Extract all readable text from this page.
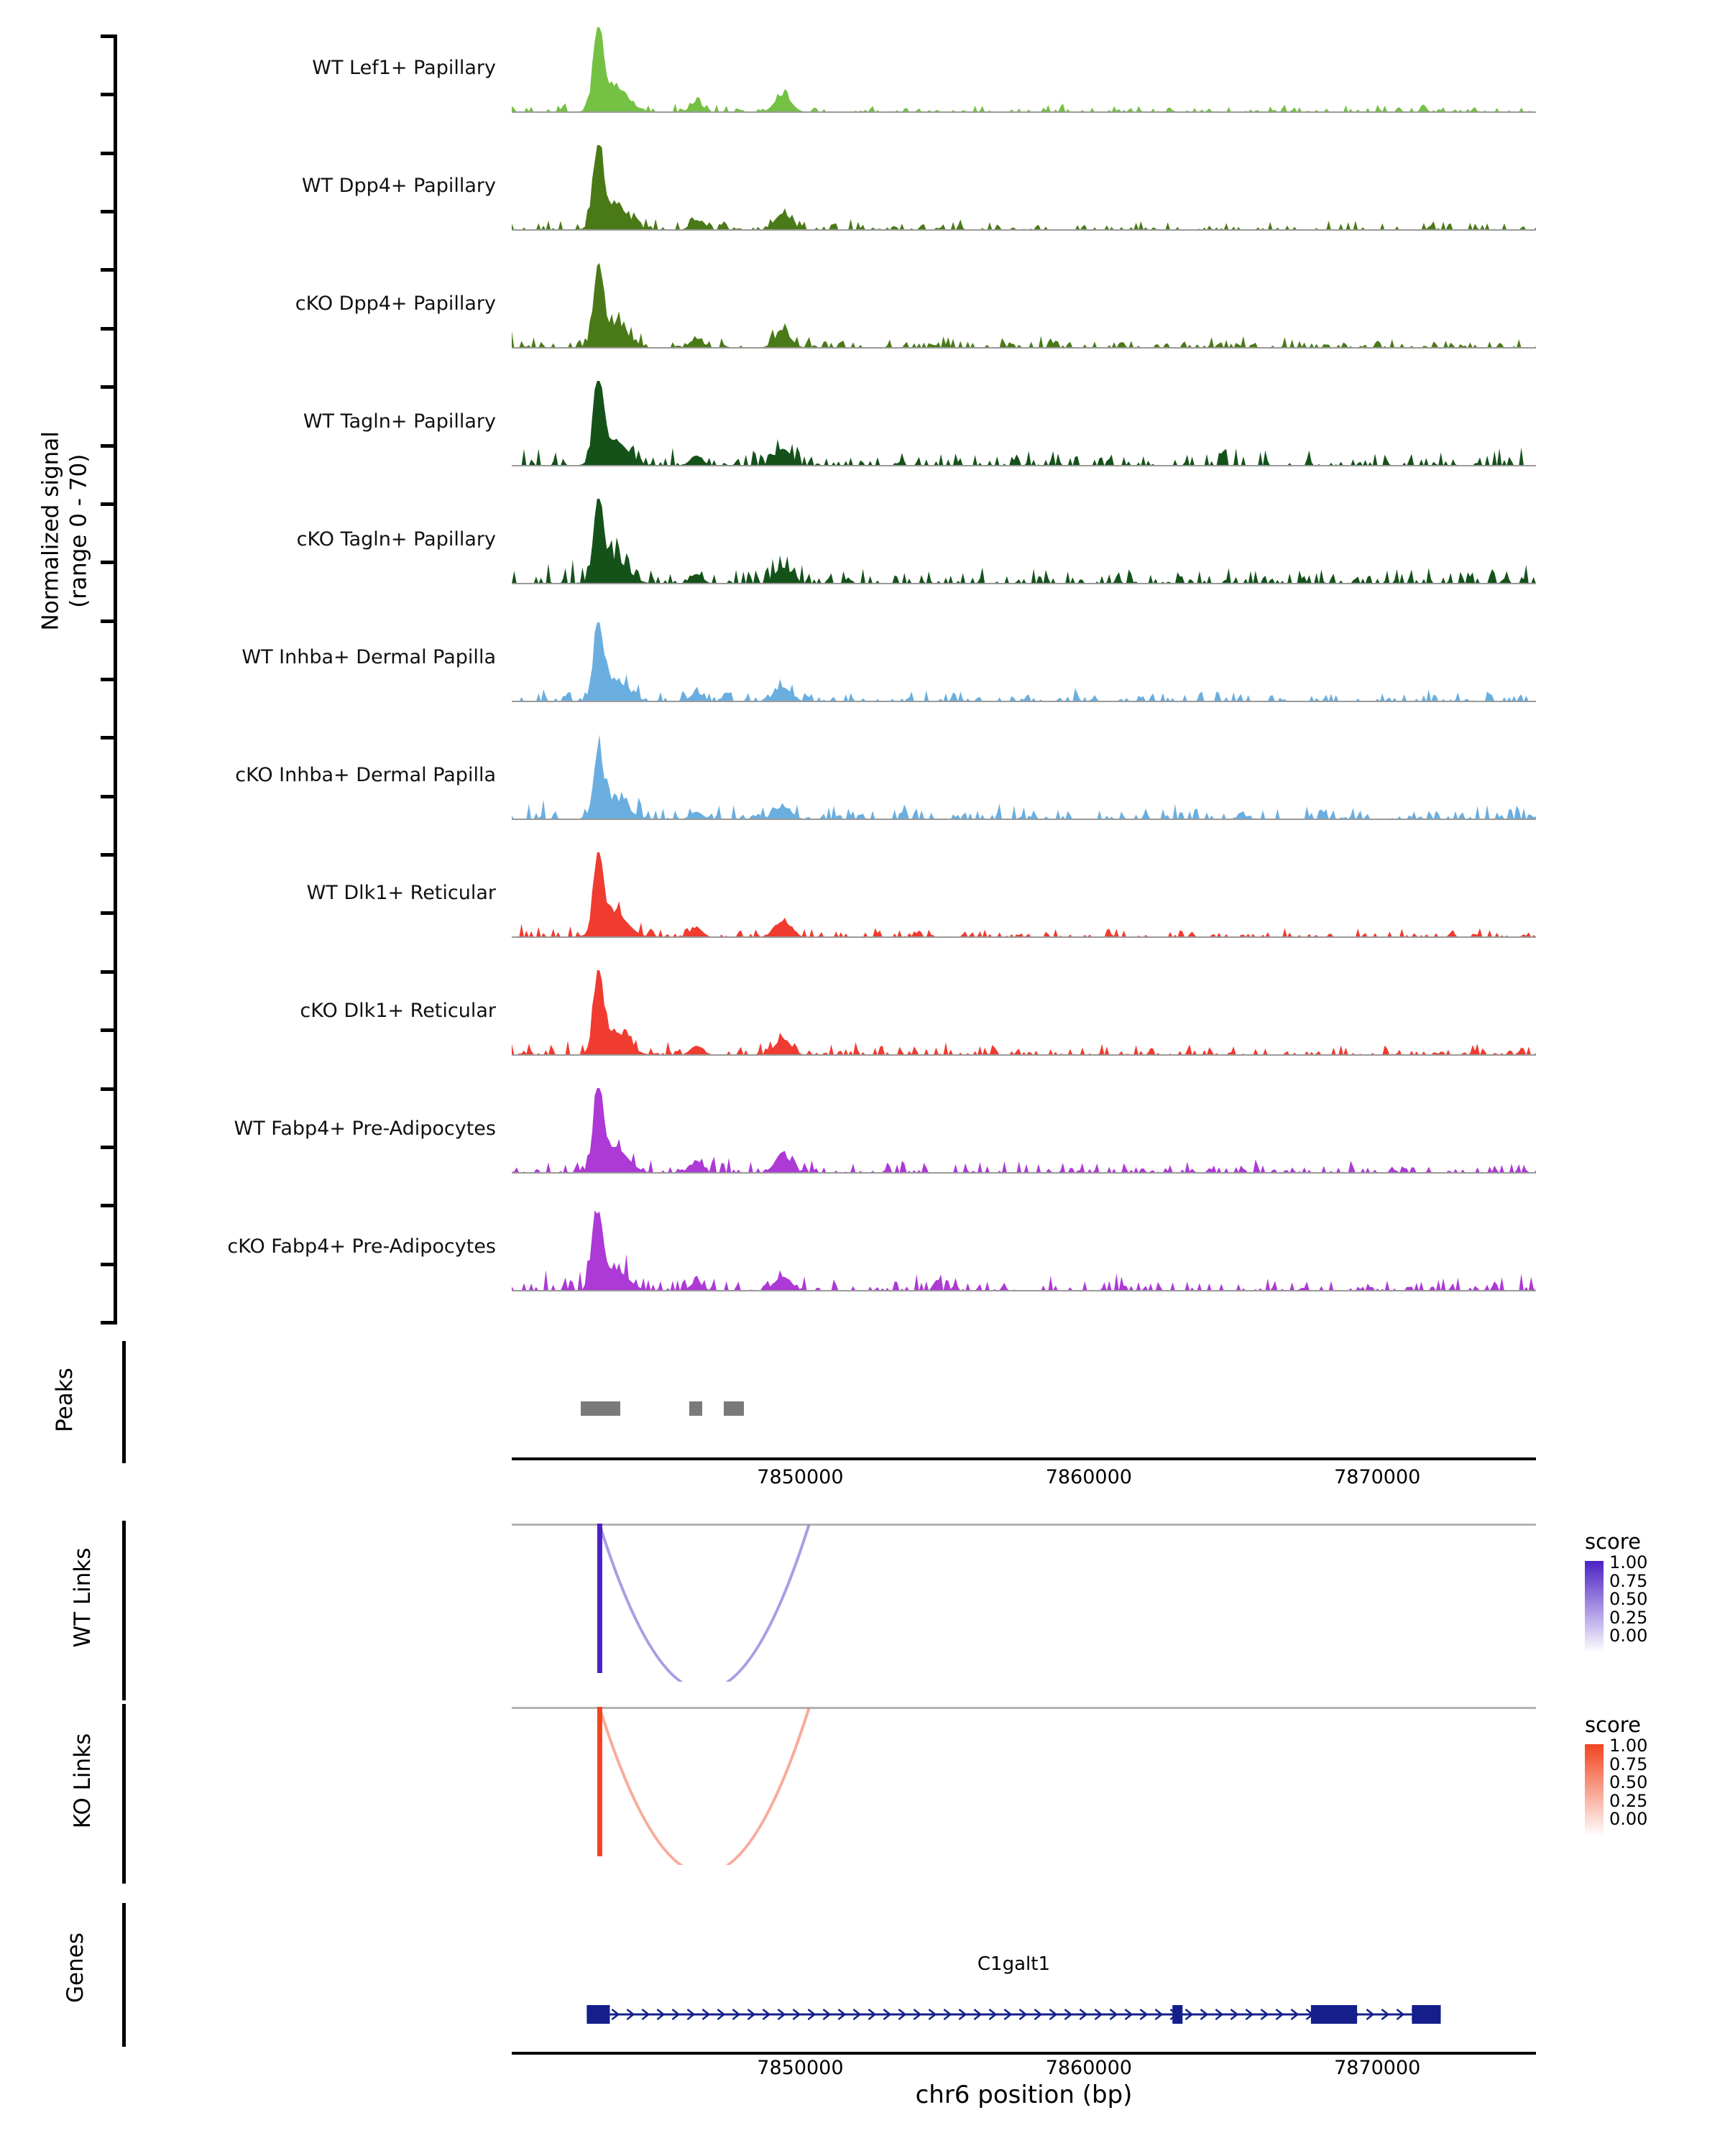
Normalized signal (range 0 - 70)
WT Lef1+ Papillary
WT Dpp4+ Papillary
cKO Dpp4+ Papillary
WT Tagln+ Papillary
cKO Tagln+ Papillary
WT Inhba+ Dermal Papilla
cKO Inhba+ Dermal Papilla
WT Dlk1+ Reticular
cKO Dlk1+ Reticular
WT Fabp4+ Pre-Adipocytes
cKO Fabp4+ Pre-Adipocytes
Peaks
7850000	7860000	7870000
WT Links
score
1.00
0.75
0.50
0.25
0.00
KO Links
score
1.00
0.75
0.50
0.25
0.00
Genes	C1galt1
7850000	7860000	7870000
chr6 position (bp)
